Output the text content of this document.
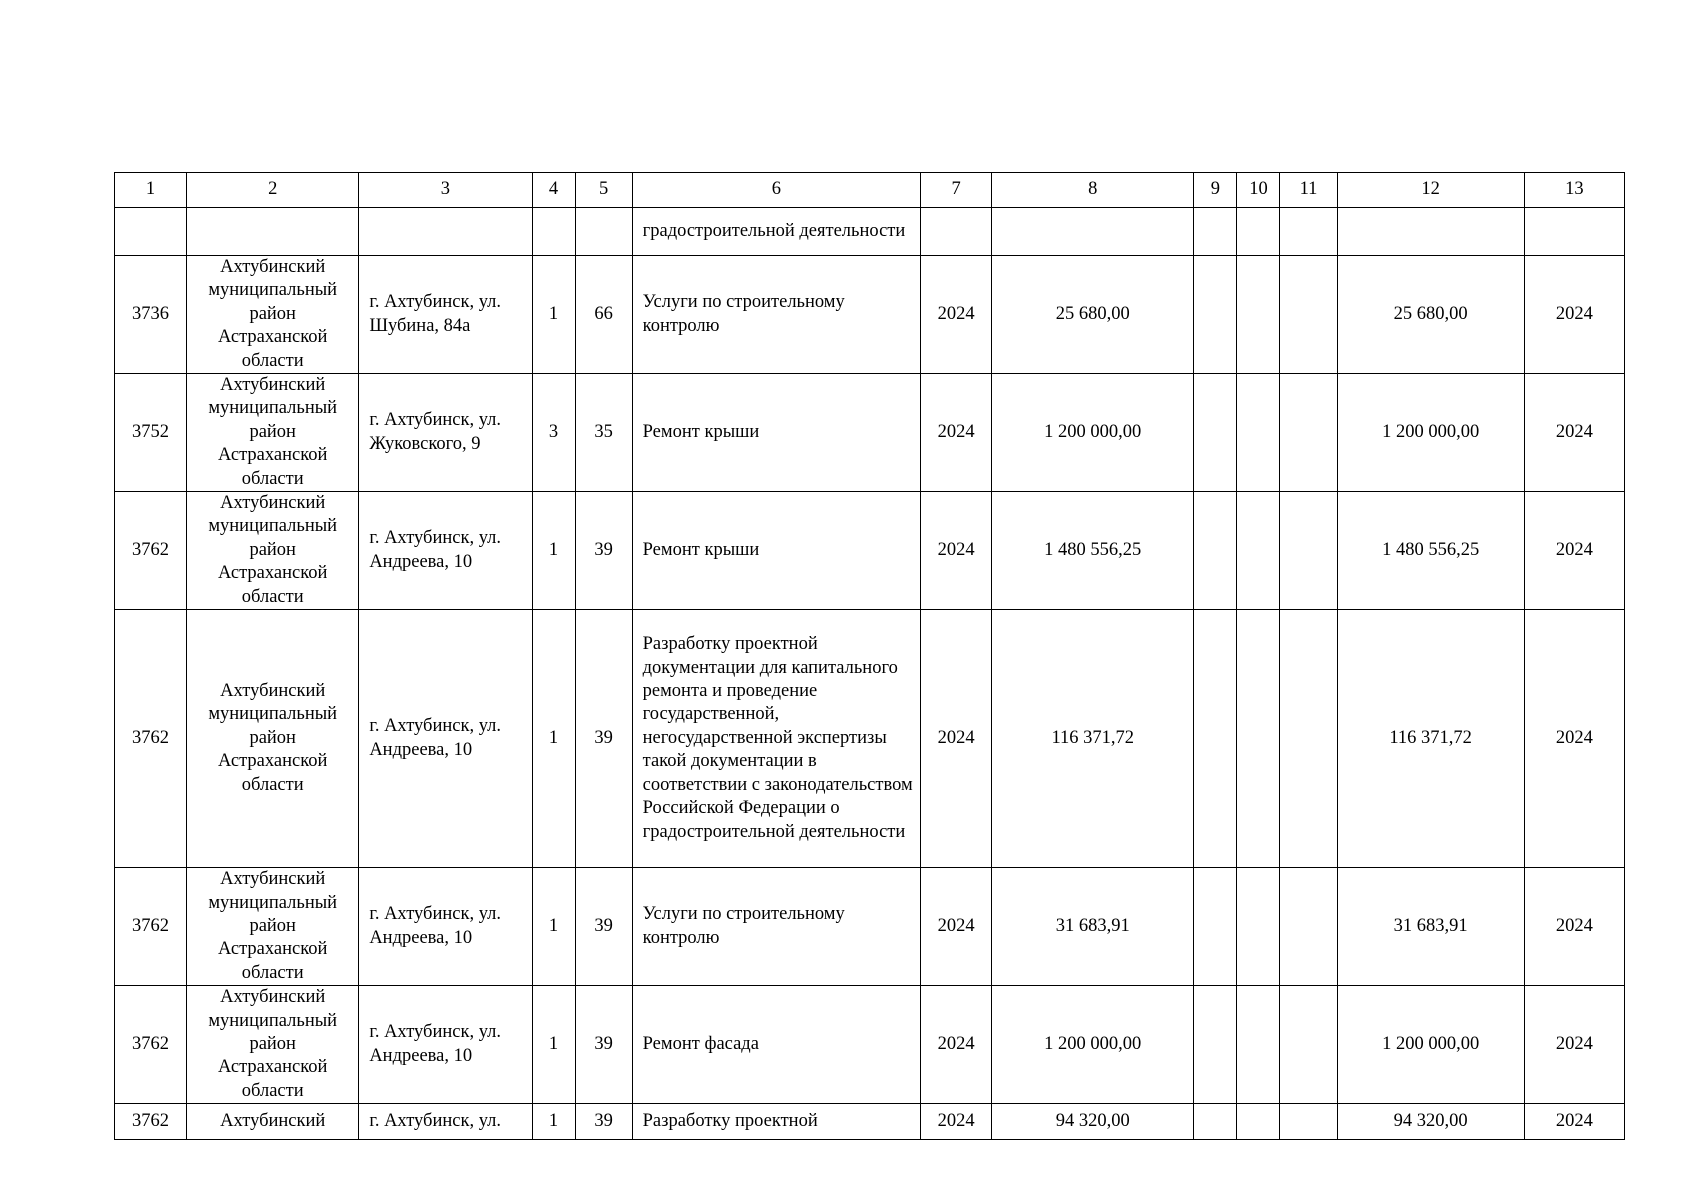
1	2	3	4	5	6	7	8	9	10	11	12	13
					градостроительной деятельности							
3736	Ахтубинский муниципальный район Астраханской области	г. Ахтубинск, ул. Шубина, 84а	1	66	Услуги по строительному контролю	2024	25 680,00				25 680,00	2024
3752	Ахтубинский муниципальный район Астраханской области	г. Ахтубинск, ул. Жуковского, 9	3	35	Ремонт крыши	2024	1 200 000,00				1 200 000,00	2024
3762	Ахтубинский муниципальный район Астраханской области	г. Ахтубинск, ул. Андреева, 10	1	39	Ремонт крыши	2024	1 480 556,25				1 480 556,25	2024
3762	Ахтубинский муниципальный район Астраханской области	г. Ахтубинск, ул. Андреева, 10	1	39	Разработку проектной документации для капитального ремонта и проведение государственной, негосударственной экспертизы такой документации в соответствии с законодательством Российской Федерации о градостроительной деятельности	2024	116 371,72				116 371,72	2024
3762	Ахтубинский муниципальный район Астраханской области	г. Ахтубинск, ул. Андреева, 10	1	39	Услуги по строительному контролю	2024	31 683,91				31 683,91	2024
3762	Ахтубинский муниципальный район Астраханской области	г. Ахтубинск, ул. Андреева, 10	1	39	Ремонт фасада	2024	1 200 000,00				1 200 000,00	2024
3762	Ахтубинский	г. Ахтубинск, ул.	1	39	Разработку проектной	2024	94 320,00				94 320,00	2024
